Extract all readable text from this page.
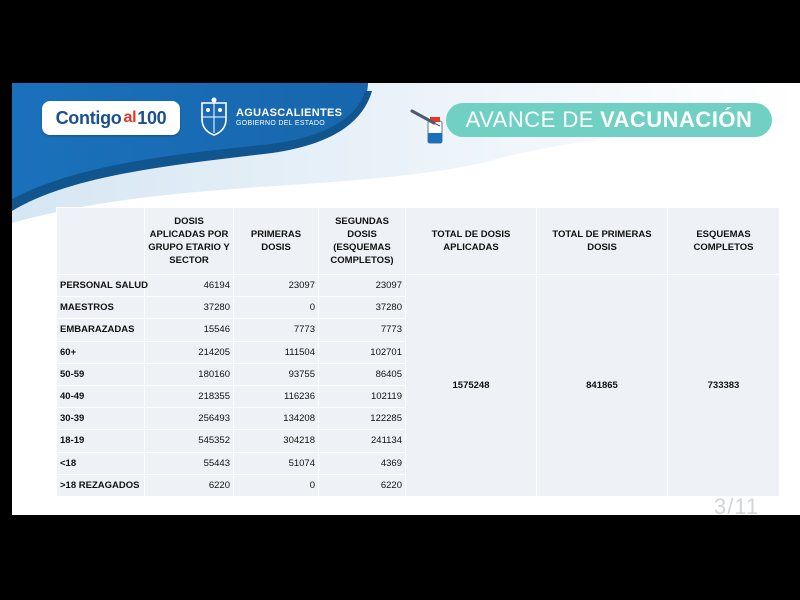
Contigo al 100	AGUASCALIENTES
GOBIERNO DEL ESTADO
	AVANCE DE VACUNACIÓN
	DOSIS APLICADAS POR GRUPO ETARIO Y SECTOR	PRIMERAS DOSIS	SEGUNDAS DOSIS (ESQUEMAS COMPLETOS)	TOTAL DE DOSIS APLICADAS	TOTAL DE PRIMERAS DOSIS	ESQUEMAS COMPLETOS
PERSONAL SALUD	46194	23097	23097	1575248	841865	733383
MAESTROS	37280	0	37280			
EMBARAZADAS	15546	7773	7773			
60+	214205	111504	102701			
50-59	180160	93755	86405			
40-49	218355	116236	102119			
30-39	256493	134208	122285			
18-19	545352	304218	241134			
<18	55443	51074	4369			
>18 REZAGADOS	6220	0	6220			
3/11
